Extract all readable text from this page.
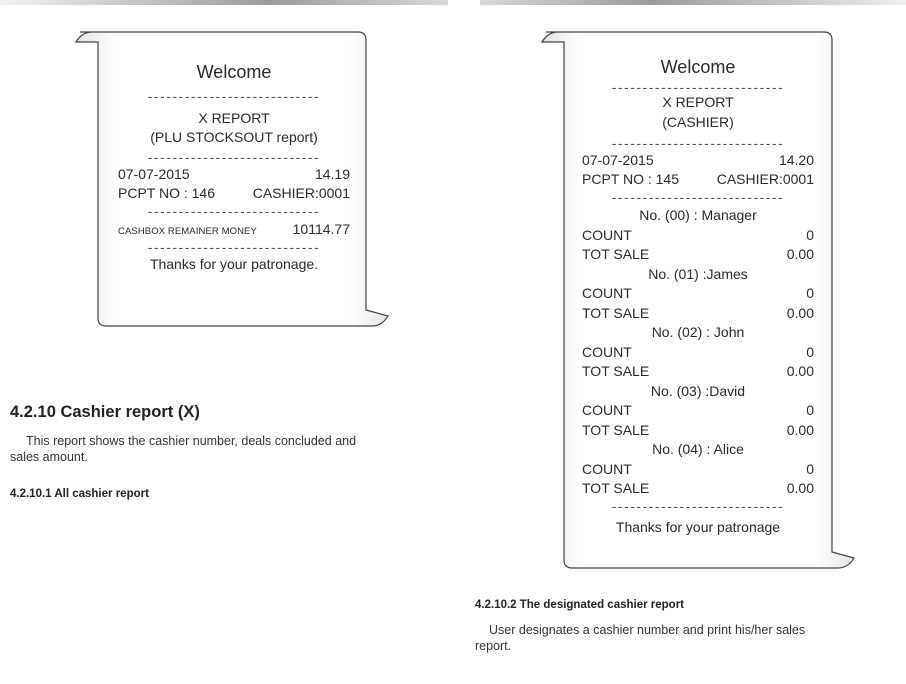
Welcome
----------------------------
X REPORT
(PLU STOCKSOUT report)
----------------------------
07-07-2015	14.19
PCPT NO : 146	CASHIER:0001
----------------------------
CASHBOX REMAINER MONEY	10114.77
----------------------------
Thanks for your patronage.
Welcome
----------------------------
X REPORT
(CASHIER)
----------------------------
07-07-2015	14.20
PCPT NO : 145	CASHIER:0001
----------------------------
No. (00) : Manager
COUNT	0
TOT SALE	0.00
No. (01) :James
COUNT	0
TOT SALE	0.00
No. (02) : John
COUNT	0
TOT SALE	0.00
No. (03) :David
COUNT	0
TOT SALE	0.00
No. (04) : Alice
COUNT	0
TOT SALE	0.00
----------------------------
Thanks for your patronage
4.2.10 Cashier report (X)
This report shows the cashier number, deals concluded and
sales amount.
4.2.10.1 All cashier report
4.2.10.2 The designated cashier report
User designates a cashier number and print his/her sales
report.
